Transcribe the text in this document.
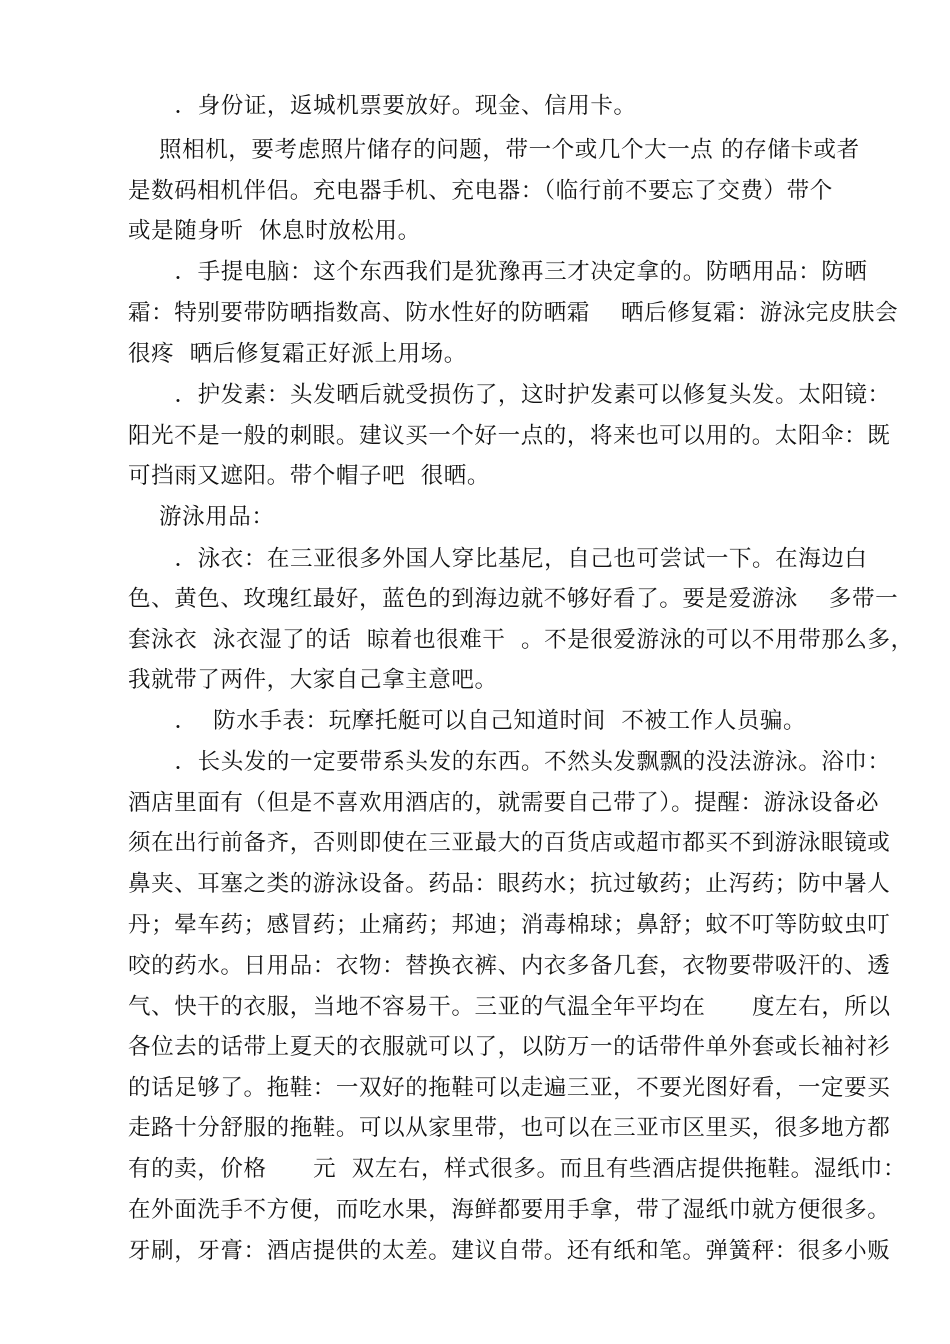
．身份证，返城机票要放好。现金、信用卡。
照相机，要考虑照片储存的问题，带一个或几个大一点 的存储卡或者
是数码相机伴侣。充电器手机、充电器：（临行前不要忘了交费）带个
或是随身听  休息时放松用。
．手提电脑：这个东西我们是犹豫再三才决定拿的。防晒用品：防晒
霜：特别要带防晒指数高、防水性好的防晒霜    晒后修复霜：游泳完皮肤会
很疼  晒后修复霜正好派上用场。
．护发素：头发晒后就受损伤了，这时护发素可以修复头发。太阳镜：
阳光不是一般的刺眼。建议买一个好一点的，将来也可以用的。太阳伞：既
可挡雨又遮阳。带个帽子吧  很晒。
游泳用品：
．泳衣：在三亚很多外国人穿比基尼，自己也可尝试一下。在海边白
色、黄色、玫瑰红最好，蓝色的到海边就不够好看了。要是爱游泳    多带一
套泳衣  泳衣湿了的话  晾着也很难干  。不是很爱游泳的可以不用带那么多，
我就带了两件，大家自己拿主意吧。
．  防水手表：玩摩托艇可以自己知道时间  不被工作人员骗。
．长头发的一定要带系头发的东西。不然头发飘飘的没法游泳。浴巾：
酒店里面有（但是不喜欢用酒店的，就需要自己带了）。提醒：游泳设备必
须在出行前备齐，否则即使在三亚最大的百货店或超市都买不到游泳眼镜或
鼻夹、耳塞之类的游泳设备。药品：眼药水；抗过敏药；止泻药；防中暑人
丹；晕车药；感冒药；止痛药；邦迪；消毒棉球；鼻舒；蚊不叮等防蚊虫叮
咬的药水。日用品：衣物：替换衣裤、内衣多备几套，衣物要带吸汗的、透
气、快干的衣服，当地不容易干。三亚的气温全年平均在      度左右，所以
各位去的话带上夏天的衣服就可以了，以防万一的话带件单外套或长袖衬衫
的话足够了。拖鞋：一双好的拖鞋可以走遍三亚，不要光图好看，一定要买
走路十分舒服的拖鞋。可以从家里带，也可以在三亚市区里买，很多地方都
有的卖，价格      元  双左右，样式很多。而且有些酒店提供拖鞋。湿纸巾：
在外面洗手不方便，而吃水果，海鲜都要用手拿，带了湿纸巾就方便很多。
牙刷，牙膏：酒店提供的太差。建议自带。还有纸和笔。弹簧秤：很多小贩
